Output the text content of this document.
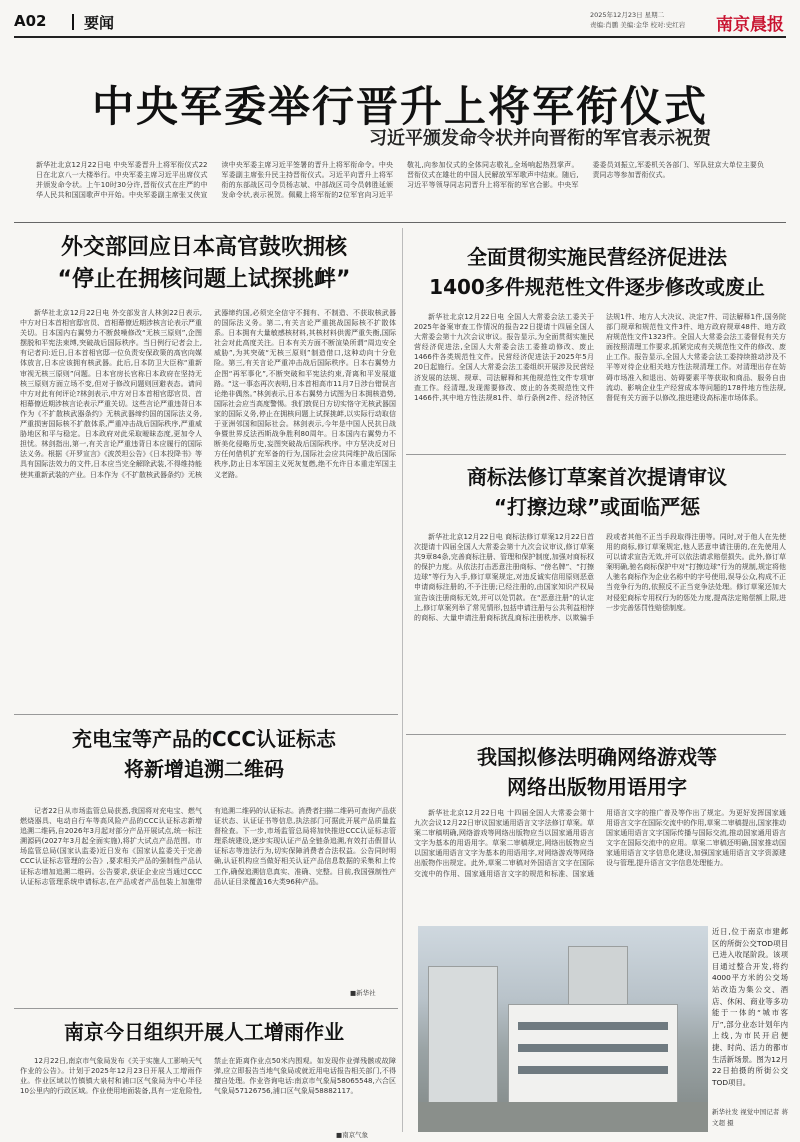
A02	要闻	2025年12月23日 星期二
责编:肖鹏 美编:金华 校对:史红岩	南京晨报
中央军委举行晋升上将军衔仪式
习近平颁发命令状并向晋衔的军官表示祝贺

新华社北京12月22日电 中央军委晋升上将军衔仪式22日在北京八一大楼举行。中央军委主席习近平出席仪式并颁发命令状。上午10时30分许,晋衔仪式在庄严的中华人民共和国国歌声中开始。中央军委副主席张又侠宣读中央军委主席习近平签署的晋升上将军衔命令。中央军委副主席张升民主持晋衔仪式。习近平向晋升上将军衔的东部战区司令员杨志斌、中部战区司令员韩胜延颁发命令状,表示祝贺。佩戴上将军衔的2位军官向习近平敬礼,向参加仪式的全体同志敬礼,全场响起热烈掌声。晋衔仪式在雄壮的中国人民解放军军歌声中结束。随后,习近平等领导同志同晋升上将军衔的军官合影。中央军委委员刘振立,军委机关各部门、军队驻京大单位主要负责同志等参加晋衔仪式。

外交部回应日本高官鼓吹拥核
“停止在拥核问题上试探挑衅”

新华社北京12月22日电 外交部发言人林剑22日表示,中方对日本首相官邸官员、首相幕僚近期涉核言论表示严重关切。日本国内右翼势力不断鼓噪修改“无核三原则”,企图摆脱和平宪法束缚,突破战后国际秩序。当日例行记者会上,有记者问:近日,日本首相官邸一位负责安保政策的高官向媒体放言,日本应该拥有核武器。此后,日本防卫大臣称“重新审视无核三原则”问题。日本官房长官称日本政府在坚持无核三原则方面立场不变,但对于修改问题则回避表态。请问中方对此有何评论?林剑表示,中方对日本首相官邸官员、首相幕僚近期涉核言论表示严重关切。这些言论严重违背日本作为《不扩散核武器条约》无核武器缔约国的国际法义务,严重损害国际核不扩散体系,严重冲击战后国际秩序,严重威胁地区和平与稳定。日本政府对此采取暧昧态度,更加令人担忧。林剑指出,第一,有关言论严重违背日本应履行的国际法义务。根据《开罗宣言》《波茨坦公告》《日本投降书》等具有国际法效力的文件,日本应当完全解除武装,不得维持能使其重新武装的产业。日本作为《不扩散核武器条约》无核武器缔约国,必须完全信守不拥有、不制造、不获取核武器的国际法义务。第二,有关言论严重挑战国际核不扩散体系。日本拥有大量敏感核材料,其核材料供需严重失衡,国际社会对此高度关注。日本有关方面不断渲染所谓“周边安全威胁”,为其突破“无核三原则”制造借口,这种动向十分危险。第三,有关言论严重冲击战后国际秩序。日本右翼势力企图“再军事化”,不断突破和平宪法约束,背离和平发展道路。“这一事态再次表明,日本首相高市11月7日涉台错误言论绝非偶然。”林剑表示,日本右翼势力试图为日本拥核造势,国际社会应当高度警惕。我们敦促日方切实恪守无核武器国家的国际义务,停止在拥核问题上试探挑衅,以实际行动取信于亚洲邻国和国际社会。林剑表示,今年是中国人民抗日战争暨世界反法西斯战争胜利80周年。日本国内右翼势力不断美化侵略历史,妄图突破战后国际秩序。中方坚决反对日方任何借机扩充军备的行为,国际社会应共同维护战后国际秩序,防止日本军国主义死灰复燃,绝不允许日本重走军国主义老路。

充电宝等产品的CCC认证标志
将新增追溯二维码

记者22日从市场监管总局获悉,我国将对充电宝、燃气燃烧器具、电动自行车等高风险产品的CCC认证标志新增追溯二维码,自2026年3月起对部分产品开展试点,统一标注溯源码(2027年3月起全面实施),将扩大试点产品范围。市场监管总局(国家认监委)近日发布《国家认监委关于完善CCC认证标志管理的公告》,要求相关产品的强制性产品认证标志增加追溯二维码。公告要求,获证企业应当通过CCC认证标志管理系统申请标志,在产品或者产品包装上加施带有追溯二维码的认证标志。消费者扫描二维码可查询产品获证状态、认证证书等信息,执法部门可据此开展产品质量监督检查。下一步,市场监管总局将加快推进CCC认证标志管理系统建设,逐步实现认证产品全链条追溯,有效打击假冒认证标志等违法行为,切实保障消费者合法权益。公告同时明确,认证机构应当做好相关认证产品信息数据的采集和上传工作,确保追溯信息真实、准确、完整。目前,我国强制性产品认证目录覆盖16大类96种产品。

■新华社
南京今日组织开展人工增雨作业

12月22日,南京市气象局发布《关于实施人工影响天气作业的公告》。计划于2025年12月23日开展人工增雨作业。作业区域以竹镇镇大泉村和浦口区气象局为中心半径10公里内的行政区域。作业使用地面装备,具有一定危险性,禁止在距离作业点50米内围观。如发现作业弹残骸或故障弹,应立即报告当地气象局或就近用电话报告相关部门,不得擅自处理。作业咨询电话:南京市气象局58065548,六合区气象局57126756,浦口区气象局58882117。

■南京气象
全面贯彻实施民营经济促进法
1400多件规范性文件逐步修改或废止

新华社北京12月22日电 全国人大常委会法工委关于2025年备案审查工作情况的报告22日提请十四届全国人大常委会第十九次会议审议。报告显示,为全面贯彻实施民营经济促进法,全国人大常委会法工委推动修改、废止1466件各类规范性文件。民营经济促进法于2025年5月20日起施行。全国人大常委会法工委组织开展涉及民营经济发展的法规、规章、司法解释和其他规范性文件专项审查工作。经清理,发现需要修改、废止的各类规范性文件1466件,其中地方性法规81件、单行条例2件、经济特区法规1件、地方人大决议、决定7件、司法解释1件,国务院部门规章和规范性文件3件、地方政府规章48件、地方政府规范性文件1323件。全国人大常委会法工委督促有关方面按照清理工作要求,抓紧完成有关规范性文件的修改、废止工作。报告显示,全国人大常委会法工委持续推动涉及不平等对待企业相关地方性法规清理工作。对清理出存在妨碍市场准入和退出、妨碍要素平等获取和商品、服务自由流动、影响企业生产经营成本等问题的178件地方性法规,督促有关方面予以修改,推进建设高标准市场体系。

商标法修订草案首次提请审议
“打擦边球”或面临严惩

新华社北京12月22日电 商标法修订草案12月22日首次提请十四届全国人大常委会第十九次会议审议,修订草案共9章84条,完善商标注册、管理和保护制度,加强对商标权的保护力度。从依法打击恶意注册商标、“傍名牌”、“打擦边球”等行为入手,修订草案规定,对违反诚实信用原则恶意申请商标注册的,不予注册;已经注册的,由国家知识产权局宣告该注册商标无效,并可以处罚款。在“恶意注册”的认定上,修订草案列举了常见情形,包括申请注册与公共利益相悖的商标、大量申请注册商标扰乱商标注册秩序、以欺骗手段或者其他不正当手段取得注册等。同时,对于他人在先使用的商标,修订草案规定,他人恶意申请注册的,在先使用人可以请求宣告无效,并可以依法请求赔偿损失。此外,修订草案明确,驰名商标保护中对“打擦边球”行为的规制,规定将他人驰名商标作为企业名称中的字号使用,误导公众,构成不正当竞争行为的,依照反不正当竞争法处理。修订草案还加大对侵犯商标专用权行为的惩处力度,提高法定赔偿额上限,进一步完善惩罚性赔偿制度。

我国拟修法明确网络游戏等
网络出版物用语用字

新华社北京12月22日电 十四届全国人大常委会第十九次会议12月22日审议国家通用语言文字法修订草案。草案二审稿明确,网络游戏等网络出版物应当以国家通用语言文字为基本的用语用字。草案二审稿规定,网络出版物应当以国家通用语言文字为基本的用语用字,对网络游戏等网络出版物作出规定。此外,草案二审稿对外国语言文字在国际交流中的作用、国家通用语言文字的规范和标准、国家通用语言文字的推广普及等作出了规定。为更好发挥国家通用语言文字在国际交流中的作用,草案二审稿提出,国家推动国家通用语言文字国际传播与国际交流,推动国家通用语言文字在国际交流中的应用。草案二审稿还明确,国家推动国家通用语言文字信息化建设,加强国家通用语言文字资源建设与管理,提升语言文字信息处理能力。

近日,位于南京市建邺区的所街公交TOD项目已进入收尾阶段。该项目通过整合开发,将约4000平方米的公交场站改造为集公交、酒店、休闲、商业等多功能于一体的“城市客厅”,部分业态计划年内上线,为市民开启便捷、时尚、活力的都市生活新场景。图为12月22日拍摄的所街公交TOD项目。
新华社发 视觉中国记者 蒋文超 摄
